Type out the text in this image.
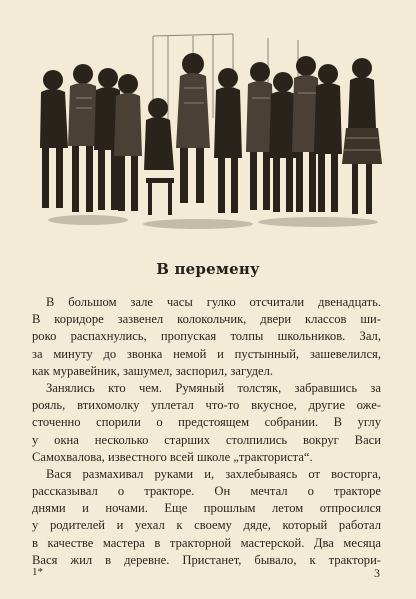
В перемену
В большом зале часы гулко отсчитали двенадцать.
В коридоре зазвенел колокольчик, двери классов ши-
роко распахнулись, пропуская толпы школьников. Зал,
за минуту до звонка немой и пустынный, зашевелился,
как муравейник, зашумел, заспорил, загудел.
Занялись кто чем. Румяный толстяк, забравшись за
рояль, втихомолку уплетал что-то вкусное, другие оже-
сточенно спорили о предстоящем собрании. В углу
у окна несколько старших столпились вокруг Васи
Самохвалова, известного всей школе „тракториста“.
Вася размахивал руками и, захлебываясь от восторга,
рассказывал о тракторе. Он мечтал о тракторе
днями и ночами. Еще прошлым летом отпросился
у родителей и уехал к своему дяде, который работал
в качестве мастера в тракторной мастерской. Два месяца
Вася жил в деревне. Пристанет, бывало, к трактори-
1*	3
